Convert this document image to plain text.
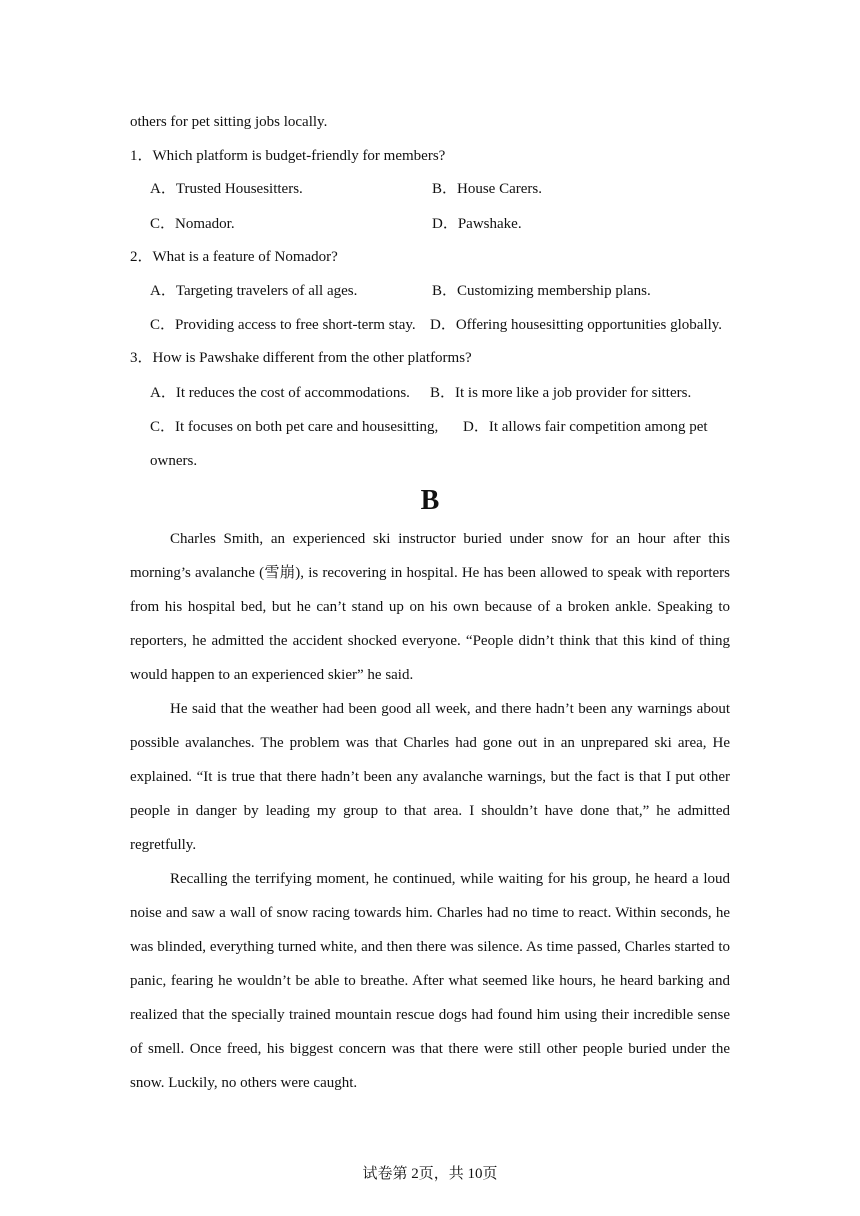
others for pet sitting jobs locally.
1．Which platform is budget-friendly for members?
A．Trusted Housesitters.	B．House Carers.
C．Nomador.	D．Pawshake.
2．What is a feature of Nomador?
A．Targeting travelers of all ages.	B．Customizing membership plans.
C．Providing access to free short-term stay. D．Offering housesitting opportunities globally.
3．How is Pawshake different from the other platforms?
A．It reduces the cost of accommodations. B．It is more like a job provider for sitters.
C．It focuses on both pet care and housesitting, D．It allows fair competition among pet
owners.
B
Charles Smith, an experienced ski instructor buried under snow for an hour after this morning’s avalanche (雪崩), is recovering in hospital. He has been allowed to speak with reporters from his hospital bed, but he can’t stand up on his own because of a broken ankle. Speaking to reporters, he admitted the accident shocked everyone. “People didn’t think that this kind of thing would happen to an experienced skier” he said.
He said that the weather had been good all week, and there hadn’t been any warnings about possible avalanches. The problem was that Charles had gone out in an unprepared ski area, He explained. “It is true that there hadn’t been any avalanche warnings, but the fact is that I put other people in danger by leading my group to that area. I shouldn’t have done that,” he admitted regretfully.
Recalling the terrifying moment, he continued, while waiting for his group, he heard a loud noise and saw a wall of snow racing towards him. Charles had no time to react. Within seconds, he was blinded, everything turned white, and then there was silence. As time passed, Charles started to panic, fearing he wouldn’t be able to breathe. After what seemed like hours, he heard barking and realized that the specially trained mountain rescue dogs had found him using their incredible sense of smell. Once freed, his biggest concern was that there were still other people buried under the snow. Luckily, no others were caught.
试卷第 2页，共 10页
